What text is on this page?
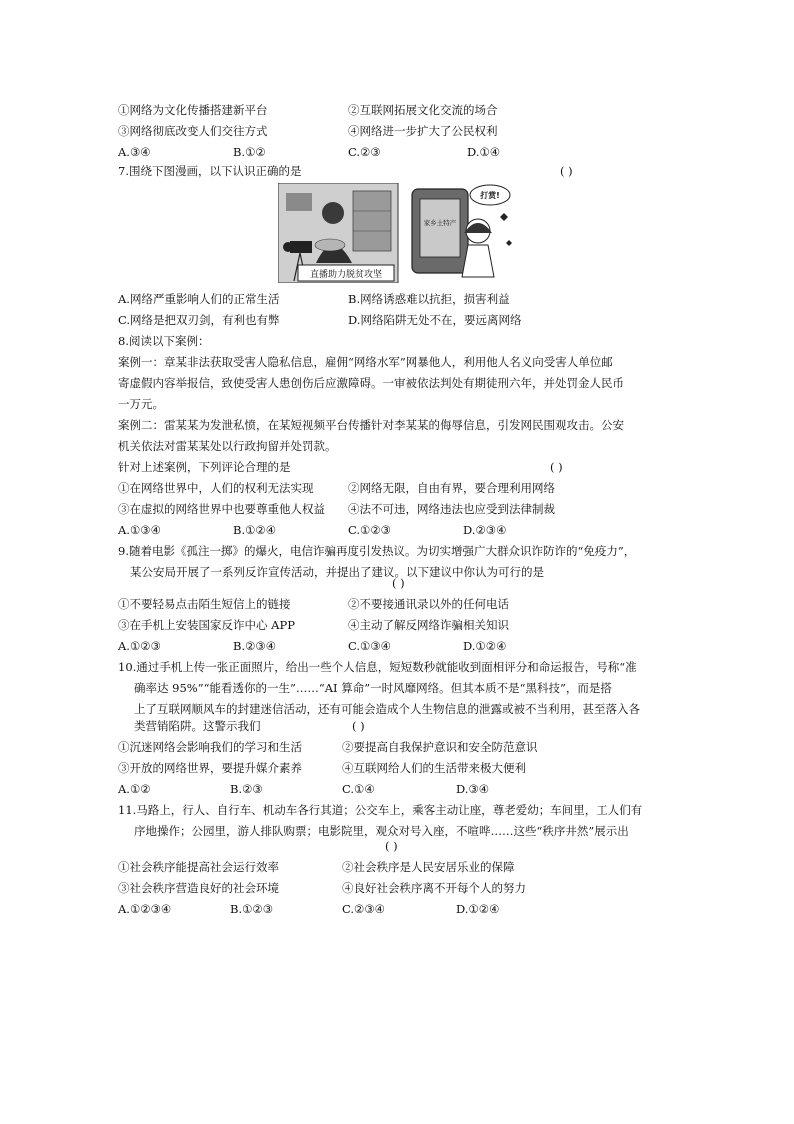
①网络为文化传播搭建新平台	②互联网拓展文化交流的场合
③网络彻底改变人们交往方式	④网络进一步扩大了公民权利
A.③④	B.①②	C.②③	D.①④
7.围绕下图漫画，以下认识正确的是	( )
直播助力脱贫攻坚
家乡土特产
打赏!
A.网络严重影响人们的正常生活	B.网络诱惑难以抗拒，损害利益
C.网络是把双刃剑，有利也有弊	D.网络陷阱无处不在，要远离网络
8.阅读以下案例：
案例一：章某非法获取受害人隐私信息，雇佣“网络水军”网暴他人，利用他人名义向受害人单位邮
寄虚假内容举报信，致使受害人患创伤后应激障碍。一审被依法判处有期徒刑六年，并处罚金人民币
一万元。
案例二：雷某某为发泄私愤，在某短视频平台传播针对李某某的侮辱信息，引发网民围观攻击。公安
机关依法对雷某某处以行政拘留并处罚款。
针对上述案例，下列评论合理的是	( )
①在网络世界中，人们的权利无法实现	②网络无限，自由有界，要合理利用网络
③在虚拟的网络世界中也要尊重他人权益 ④法不可违，网络违法也应受到法律制裁
A.①③④	B.①②④	C.①②③	D.②③④
9.随着电影《孤注一掷》的爆火，电信诈骗再度引发热议。为切实增强广大群众识诈防诈的“免疫力”，
某公安局开展了一系列反诈宣传活动，并提出了建议。以下建议中你认为可行的是
( )
①不要轻易点击陌生短信上的链接	②不要接通讯录以外的任何电话
③在手机上安装国家反诈中心 APP	④主动了解反网络诈骗相关知识
A.①②③	B.②③④	C.①③④	D.①②④
10.通过手机上传一张正面照片，给出一些个人信息，短短数秒就能收到面相评分和命运报告，号称“准
确率达 95%”“能看透你的一生”……“AI 算命”一时风靡网络。但其本质不是“黑科技”，而是搭
上了互联网顺风车的封建迷信活动，还有可能会造成个人生物信息的泄露或被不当利用，甚至落入各
类营销陷阱。这警示我们	( )
①沉迷网络会影响我们的学习和生活	②要提高自我保护意识和安全防范意识
③开放的网络世界，要提升媒介素养	④互联网给人们的生活带来极大便利
A.①②	B.②③	C.①④	D.③④
11.马路上，行人、自行车、机动车各行其道；公交车上，乘客主动让座，尊老爱幼；车间里，工人们有
序地操作；公园里，游人排队购票；电影院里，观众对号入座，不喧哗……这些“秩序井然”展示出
( )
①社会秩序能提高社会运行效率	②社会秩序是人民安居乐业的保障
③社会秩序营造良好的社会环境	④良好社会秩序离不开每个人的努力
A.①②③④	B.①②③	C.②③④	D.①②④
